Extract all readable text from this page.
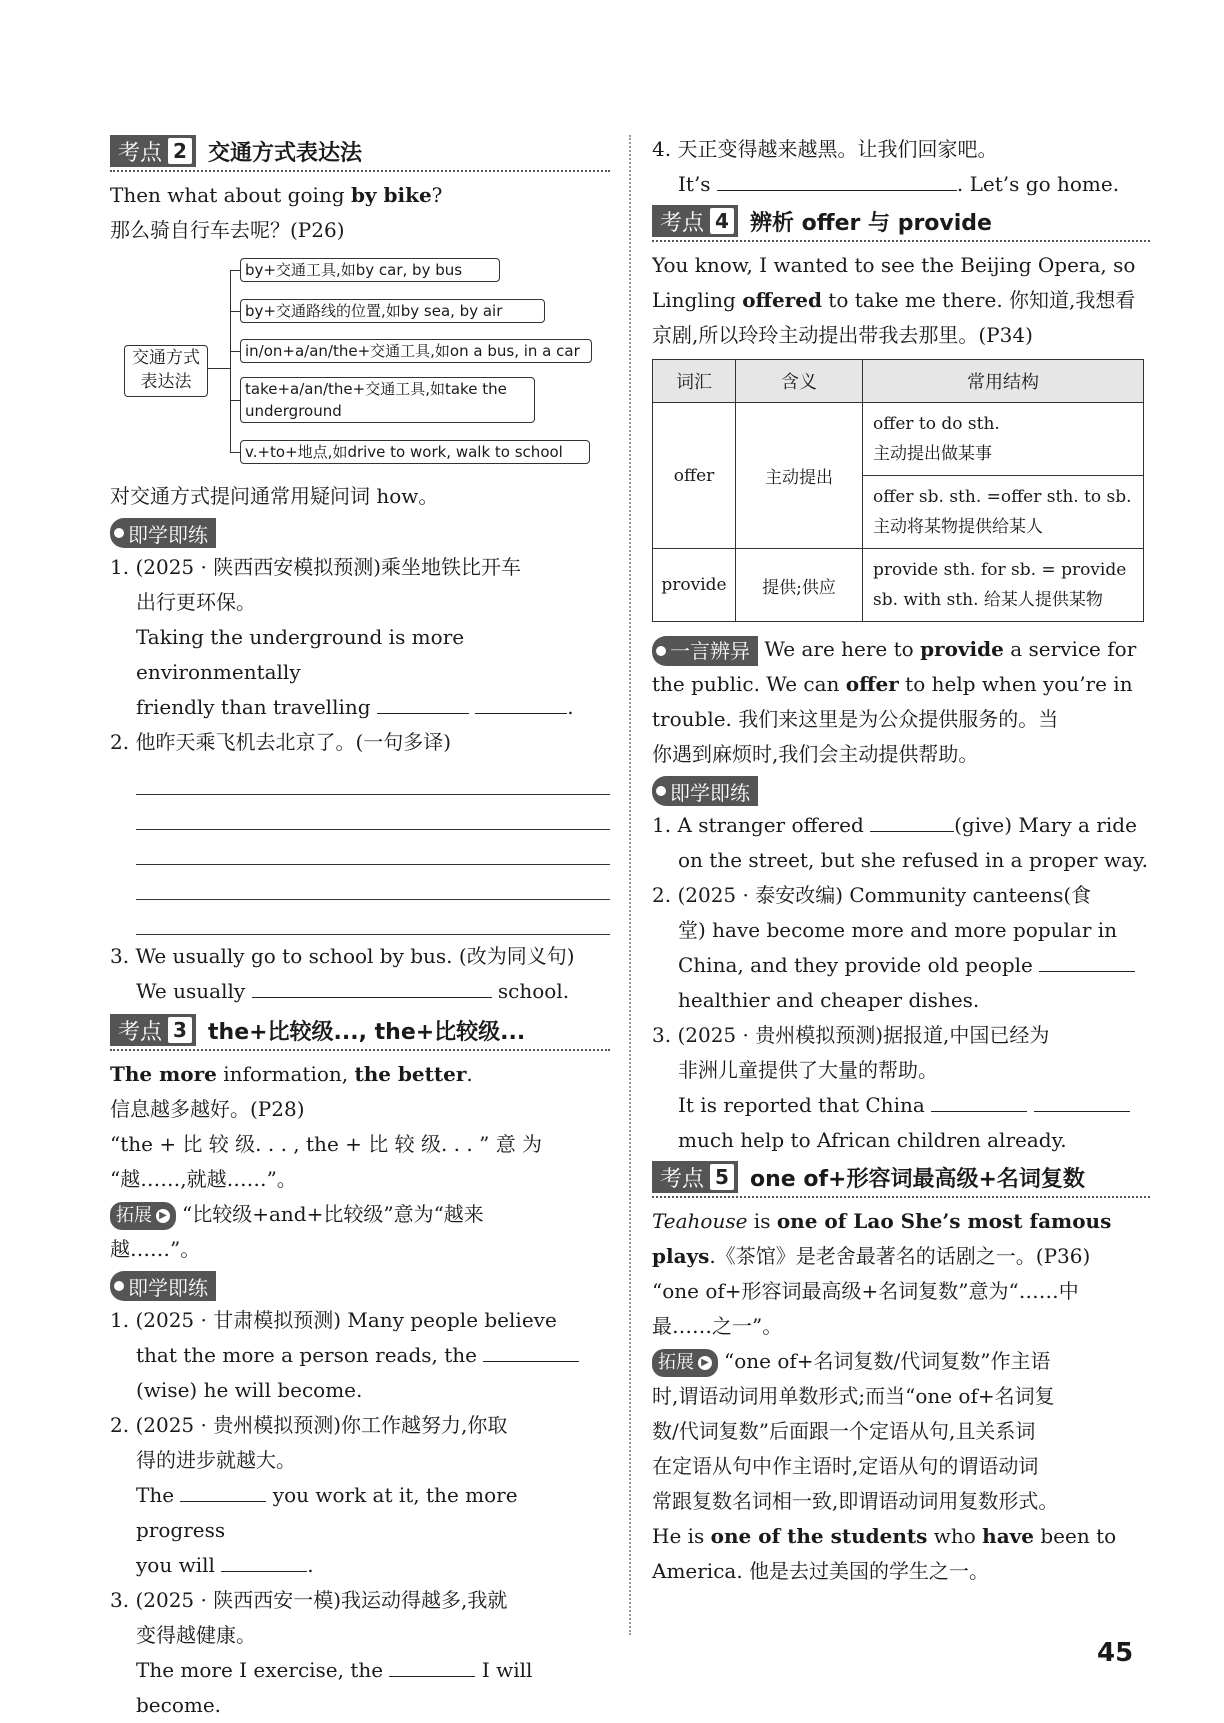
考点 2 交通方式表达法

Then what about going by bike?

那么骑自行车去呢？(P26)

交通方式表达法
by+交通工具,如by car, by bus
by+交通路线的位置,如by sea, by air
in/on+a/an/the+交通工具,如on a bus, in a car
take+a/an/the+交通工具,如take the underground
v.+to+地点,如drive to work, walk to school

对交通方式提问通常用疑问词 how。

即学即练

1. (2025 · 陕西西安模拟预测)乘坐地铁比开车

出行更环保。

Taking the underground is more environmentally

friendly than travelling	.

2. 他昨天乘飞机去北京了。(一句多译)

3. We usually go to school by bus. (改为同义句)

We usually	school.

考点 3 the+比较级..., the+比较级...

The more information, the better.

信息越多越好。(P28)

“the + 比 较 级. . . , the + 比 较 级. . . ” 意 为

“越……,就越……”。

拓展 ▶ “比较级+and+比较级”意为“越来

越……”。

即学即练

1. (2025 · 甘肃模拟预测) Many people believe

that the more a person reads, the

(wise) he will become.

2. (2025 · 贵州模拟预测)你工作越努力,你取

得的进步就越大。

The	you work at it, the more progress

you will	.

3. (2025 · 陕西西安一模)我运动得越多,我就

变得越健康。

The more I exercise, the	I will become.

4. 天正变得越来越黑。让我们回家吧。

It’s	. Let’s go home.

考点 4 辨析 offer 与 provide

You know, I wanted to see the Beijing Opera, so

Lingling offered to take me there. 你知道,我想看

京剧,所以玲玲主动提出带我去那里。(P34)

词汇	含义	常用结构
offer	主动提出	offer to do sth.
主动提出做某事
		offer sb. sth. =offer sth. to sb.
主动将某物提供给某人
provide	提供;供应	provide sth. for sb. = provide
sb. with sth. 给某人提供某物

一言辨异 We are here to provide a service for

the public. We can offer to help when you’re in

trouble. 我们来这里是为公众提供服务的。当

你遇到麻烦时,我们会主动提供帮助。

即学即练

1. A stranger offered	(give) Mary a ride

on the street, but she refused in a proper way.

2. (2025 · 泰安改编) Community canteens(食

堂) have become more and more popular in

China, and they provide old people

healthier and cheaper dishes.

3. (2025 · 贵州模拟预测)据报道,中国已经为

非洲儿童提供了大量的帮助。

It is reported that China

much help to African children already.

考点 5 one of+形容词最高级+名词复数

Teahouse is one of Lao She’s most famous

plays.《茶馆》是老舍最著名的话剧之一。(P36)

“one of+形容词最高级+名词复数”意为“……中

最……之一”。

拓展 ▶ “one of+名词复数/代词复数”作主语

时,谓语动词用单数形式;而当“one of+名词复

数/代词复数”后面跟一个定语从句,且关系词

在定语从句中作主语时,定语从句的谓语动词

常跟复数名词相一致,即谓语动词用复数形式。

He is one of the students who have been to

America. 他是去过美国的学生之一。

45
